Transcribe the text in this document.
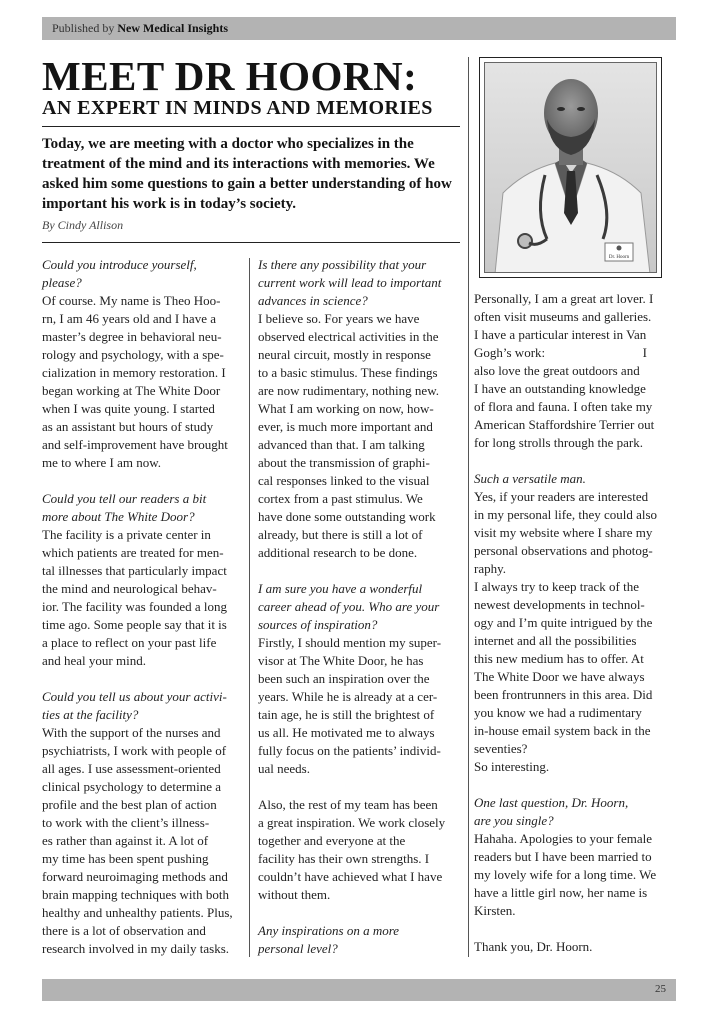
Published by New Medical Insights
MEET DR HOORN:
AN EXPERT IN MINDS AND MEMORIES
Today, we are meeting with a doctor who specializes in the treatment of the mind and its interactions with memories. We asked him some questions to gain a better understanding of how important his work is in today’s society.
By Cindy Allison
Dr. Hoorn
Could you introduce yourself,
please?
Of course. My name is Theo Hoo-
rn, I am 46 years old and I have a
master’s degree in behavioral neu-
rology and psychology, with a spe-
cialization in memory restoration. I
began working at The White Door
when I was quite young. I started
as an assistant but hours of study
and self-improvement have brought
me to where I am now.
Could you tell our readers a bit
more about The White Door?
The facility is a private center in
which patients are treated for men-
tal illnesses that particularly impact
the mind and neurological behav-
ior. The facility was founded a long
time ago. Some people say that it is
a place to reflect on your past life
and heal your mind.
Could you tell us about your activi-
ties at the facility?
With the support of the nurses and
psychiatrists, I work with people of
all ages. I use assessment-oriented
clinical psychology to determine a
profile and the best plan of action
to work with the client’s illness-
es rather than against it. A lot of
my time has been spent pushing
forward neuroimaging methods and
brain mapping techniques with both
healthy and unhealthy patients. Plus,
there is a lot of observation and
research involved in my daily tasks.
Is there any possibility that your
current work will lead to important
advances in science?
I believe so. For years we have
observed electrical activities in the
neural circuit, mostly in response
to a basic stimulus. These findings
are now rudimentary, nothing new.
What I am working on now, how-
ever, is much more important and
advanced than that. I am talking
about the transmission of graphi-
cal responses linked to the visual
cortex from a past stimulus. We
have done some outstanding work
already, but there is still a lot of
additional research to be done.
I am sure you have a wonderful
career ahead of you. Who are your
sources of inspiration?
Firstly, I should mention my super-
visor at The White Door, he has
been such an inspiration over the
years. While he is already at a cer-
tain age, he is still the brightest of
us all. He motivated me to always
fully focus on the patients’ individ-
ual needs.
Also, the rest of my team has been
a great inspiration. We work closely
together and everyone at the
facility has their own strengths. I
couldn’t have achieved what I have
without them.
Any inspirations on a more
personal level?
Personally, I am a great art lover. I
often visit museums and galleries.
I have a particular interest in Van
Gogh’s work:                              I
also love the great outdoors and
I have an outstanding knowledge
of flora and fauna. I often take my
American Staffordshire Terrier out
for long strolls through the park.
Such a versatile man.
Yes, if your readers are interested
in my personal life, they could also
visit my website where I share my
personal observations and photog-
raphy.
I always try to keep track of the
newest developments in technol-
ogy and I’m quite intrigued by the
internet and all the possibilities
this new medium has to offer. At
The White Door we have always
been frontrunners in this area. Did
you know we had a rudimentary
in-house email system back in the
seventies?
So interesting.
One last question, Dr. Hoorn,
are you single?
Hahaha. Apologies to your female
readers but I have been married to
my lovely wife for a long time. We
have a little girl now, her name is
Kirsten.
Thank you, Dr. Hoorn.
25
